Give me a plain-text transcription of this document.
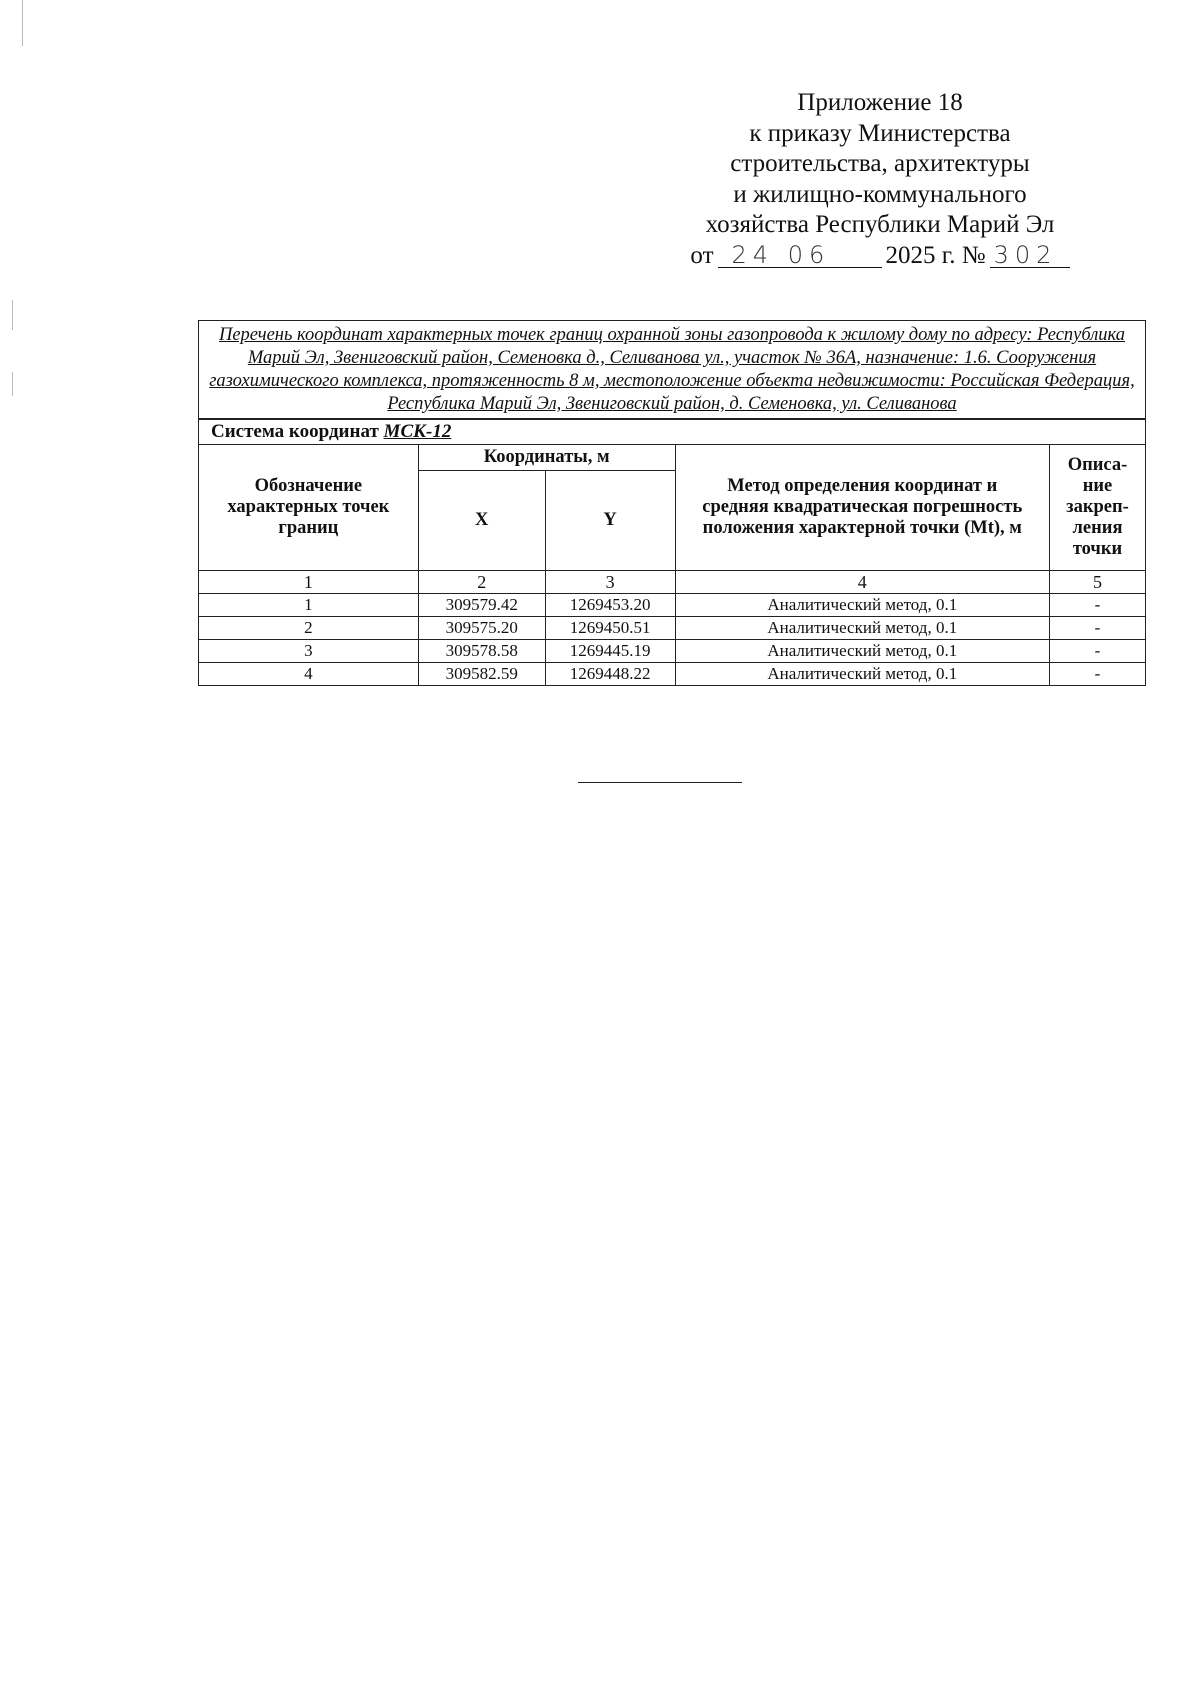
Приложение 18
к приказу Министерства
строительства, архитектуры
и жилищно-коммунального
хозяйства Республики Марий Эл
от 24 06 2025 г. № 302
Перечень координат характерных точек границ охранной зоны газопровода к жилому дому по адресу: Республика Марий Эл, Звениговский район, Семеновка д., Селиванова ул., участок № 36А, назначение: 1.6. Сооружения газохимического комплекса, протяженность 8 м, местоположение объекта недвижимости: Российская Федерация, Республика Марий Эл, Звениговский район, д. Семеновка, ул. Селиванова				
Система координат МСК-12				
Обозначение характерных точек границ	Координаты, м		Метод определения координат и средняя квадратическая погрешность положения характерной точки (Mt), м	Описа-ние закреп-ления точки
	X	Y		
1	2	3	4	5
1	309579.42	1269453.20	Аналитический метод, 0.1	-
2	309575.20	1269450.51	Аналитический метод, 0.1	-
3	309578.58	1269445.19	Аналитический метод, 0.1	-
4	309582.59	1269448.22	Аналитический метод, 0.1	-
